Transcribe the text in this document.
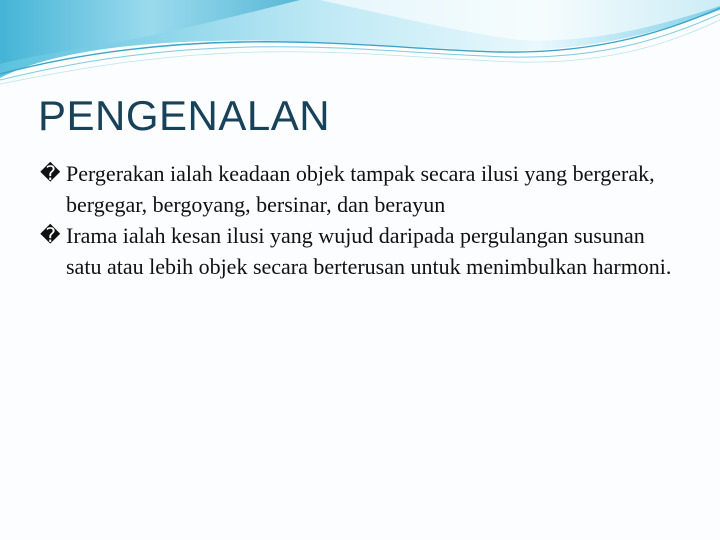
PENGENALAN
� Pergerakan ialah keadaan objek tampak secara ilusi yang bergerak, bergegar, bergoyang, bersinar, dan berayun
� Irama ialah kesan ilusi yang wujud daripada pergulangan susunan satu atau lebih objek secara berterusan untuk menimbulkan harmoni.
